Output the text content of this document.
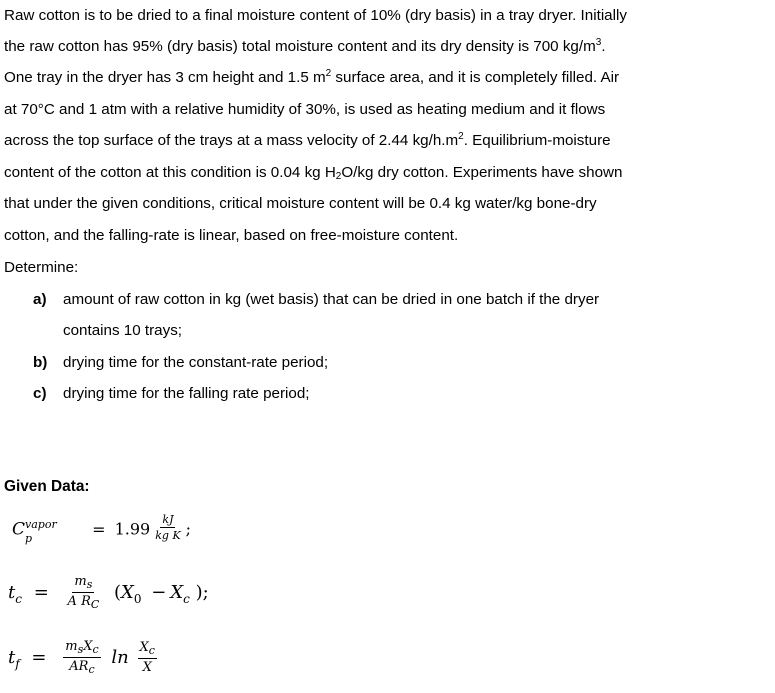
Raw cotton is to be dried to a final moisture content of 10% (dry basis) in a tray dryer. Initially

the raw cotton has 95% (dry basis) total moisture content and its dry density is 700 $kg/m^3$.

One tray in the dryer has 3 cm height and 1.5 $m^2$ surface area, and it is completely filled. Air

at 70°C and 1 atm with a relative humidity of 30%, is used as heating medium and it flows

across the top surface of the trays at a mass velocity of 2.44 $kg/h.m^2$. Equilibrium-moisture

content of the cotton at this condition is 0.04 kg $H_2O/kg$ dry cotton. Experiments have shown

that under the given conditions, critical moisture content will be 0.4 kg water/kg bone-dry

cotton, and the falling-rate is linear, based on free-moisture content.

Determine:
a) amount of raw cotton in kg (wet basis) that can be dried in one batch if the dryer
contains 10 trays;
b) drying time for the constant-rate period;
c) drying time for the falling rate period;
Given Data:
C vapor
p	= $1.99 \frac{kJ}{\text{kg K}}$ ;
$t_c = \frac{m_s}{A R_C} (X_0 - X_c$ );
$t_f = \frac{m_sX_c}{AR_c}$ $\ln \frac{X_c}{X}$
